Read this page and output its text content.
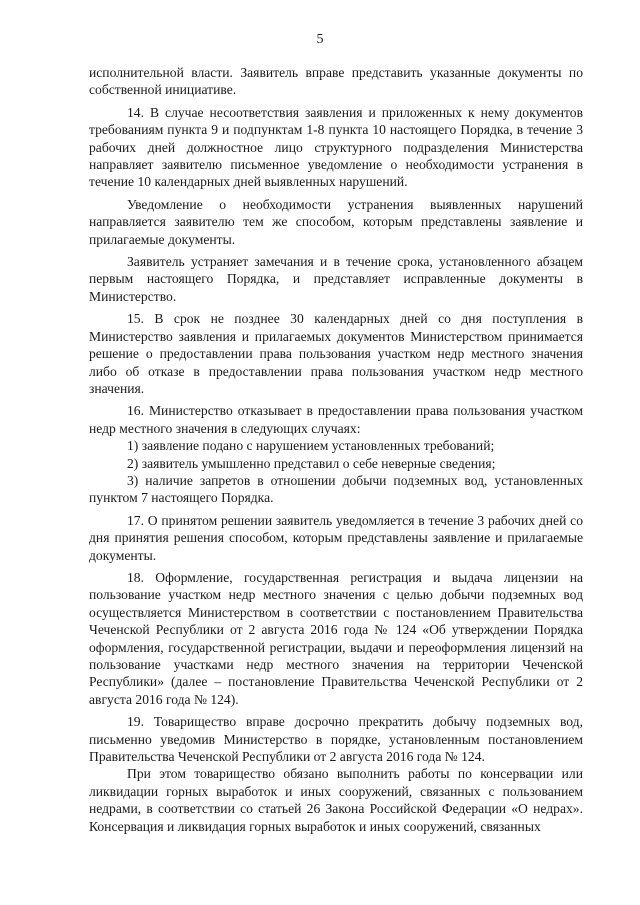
5

исполнительной власти. Заявитель вправе представить указанные документы по собственной инициативе.

14. В случае несоответствия заявления и приложенных к нему документов требованиям пункта 9 и подпунктам 1-8 пункта 10 настоящего Порядка, в течение 3 рабочих дней должностное лицо структурного подразделения Министерства направляет заявителю письменное уведомление о необходимости устранения в течение 10 календарных дней выявленных нарушений.

Уведомление о необходимости устранения выявленных нарушений направляется заявителю тем же способом, которым представлены заявление и прилагаемые документы.

Заявитель устраняет замечания и в течение срока, установленного абзацем первым настоящего Порядка, и представляет исправленные документы в Министерство.

15. В срок не позднее 30 календарных дней со дня поступления в Министерство заявления и прилагаемых документов Министерством принимается решение о предоставлении права пользования участком недр местного значения либо об отказе в предоставлении права пользования участком недр местного значения.

16. Министерство отказывает в предоставлении права пользования участком недр местного значения в следующих случаях:

1) заявление подано с нарушением установленных требований;

2) заявитель умышленно представил о себе неверные сведения;

3) наличие запретов в отношении добычи подземных вод, установленных пунктом 7 настоящего Порядка.

17. О принятом решении заявитель уведомляется в течение 3 рабочих дней со дня принятия решения способом, которым представлены заявление и прилагаемые документы.

18. Оформление, государственная регистрация и выдача лицензии на пользование участком недр местного значения с целью добычи подземных вод осуществляется Министерством в соответствии с постановлением Правительства Чеченской Республики от 2 августа 2016 года № 124 «Об утверждении Порядка оформления, государственной регистрации, выдачи и переоформления лицензий на пользование участками недр местного значения на территории Чеченской Республики» (далее – постановление Правительства Чеченской Республики от 2 августа 2016 года № 124).

19. Товарищество вправе досрочно прекратить добычу подземных вод, письменно уведомив Министерство в порядке, установленным постановлением Правительства Чеченской Республики от 2 августа 2016 года № 124.

При этом товарищество обязано выполнить работы по консервации или ликвидации горных выработок и иных сооружений, связанных с пользованием недрами, в соответствии со статьей 26 Закона Российской Федерации «О недрах». Консервация и ликвидация горных выработок и иных сооружений, связанных
